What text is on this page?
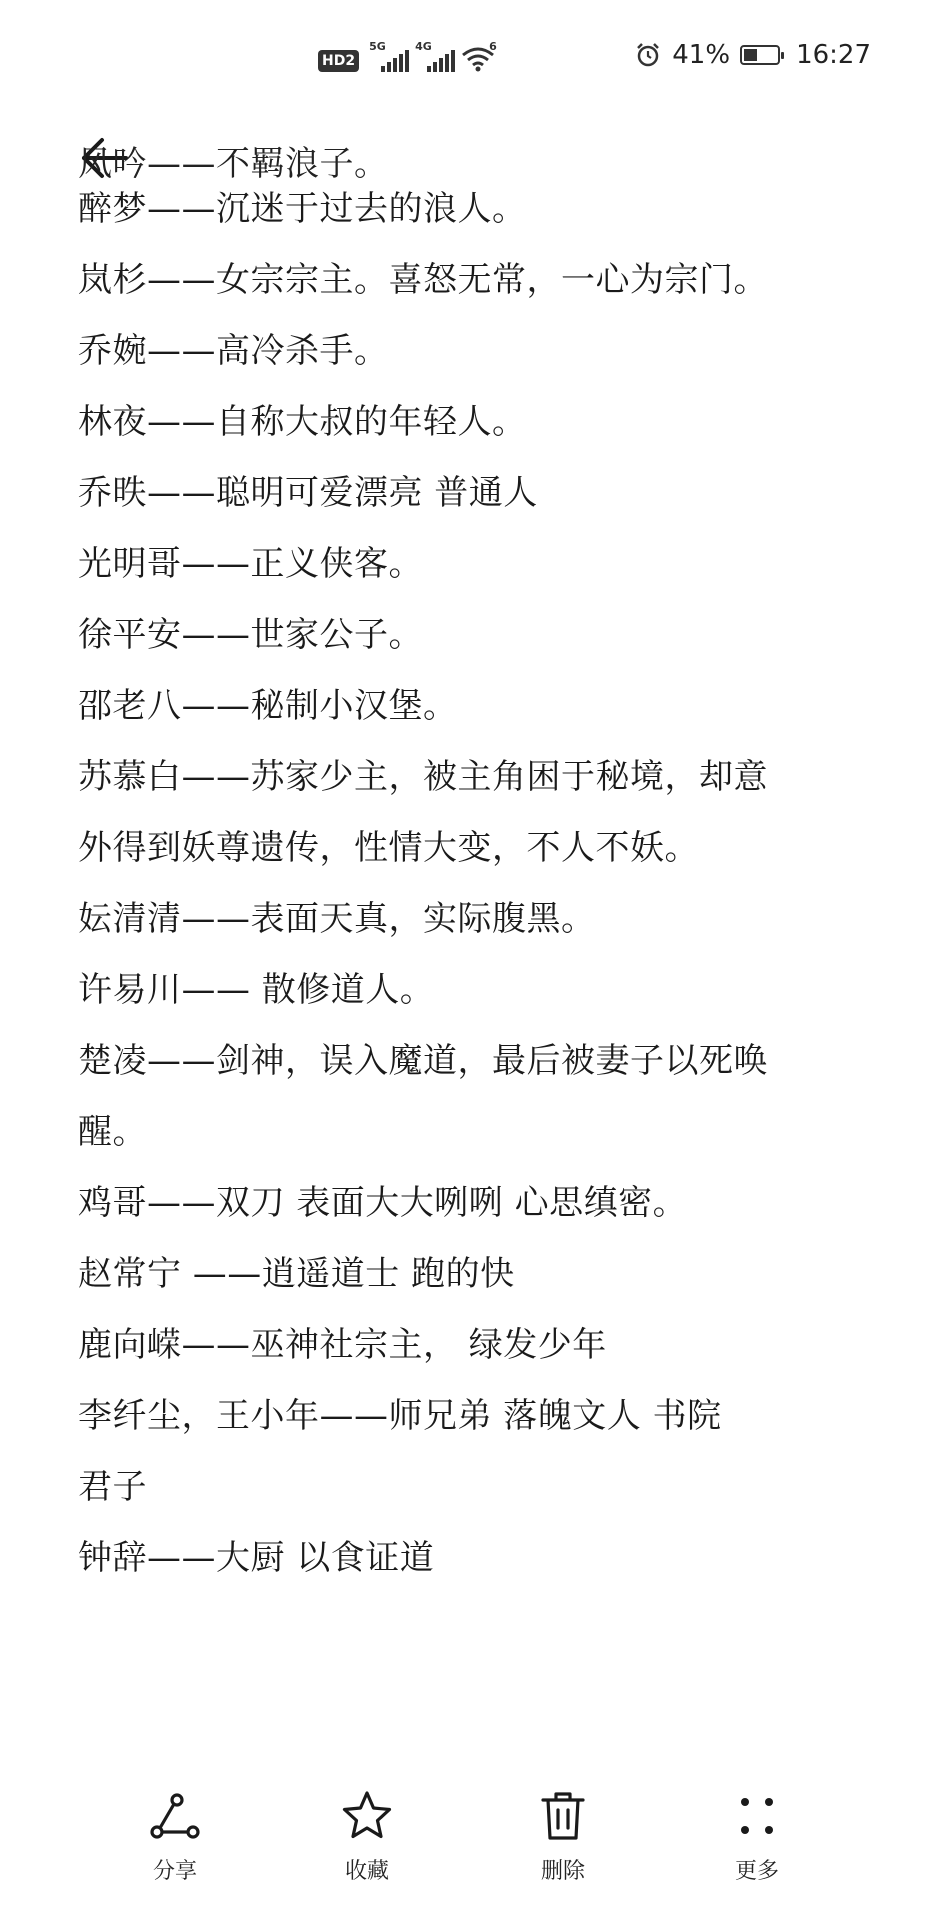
HD2
5G	4G	6	41%	16:27
风吟——不羁浪子。
醉梦——沉迷于过去的浪人。
岚杉——女宗宗主。喜怒无常，一心为宗门。
乔婉——高冷杀手。
林夜——自称大叔的年轻人。
乔昳——聪明可爱漂亮 普通人
光明哥——正义侠客。
徐平安——世家公子。
邵老八——秘制小汉堡。
苏慕白——苏家少主，被主角困于秘境，却意
外得到妖尊遗传，性情大变，不人不妖。
妘清清——表面天真，实际腹黑。
许易川—— 散修道人。
楚凌——剑神，误入魔道，最后被妻子以死唤
醒。
鸡哥——双刀 表面大大咧咧 心思缜密。
赵常宁 ——逍遥道士 跑的快
鹿向嵘——巫神社宗主， 绿发少年
李纤尘，王小年——师兄弟 落魄文人 书院
君子
钟辞——大厨 以食证道
分享	收藏	删除	更多
